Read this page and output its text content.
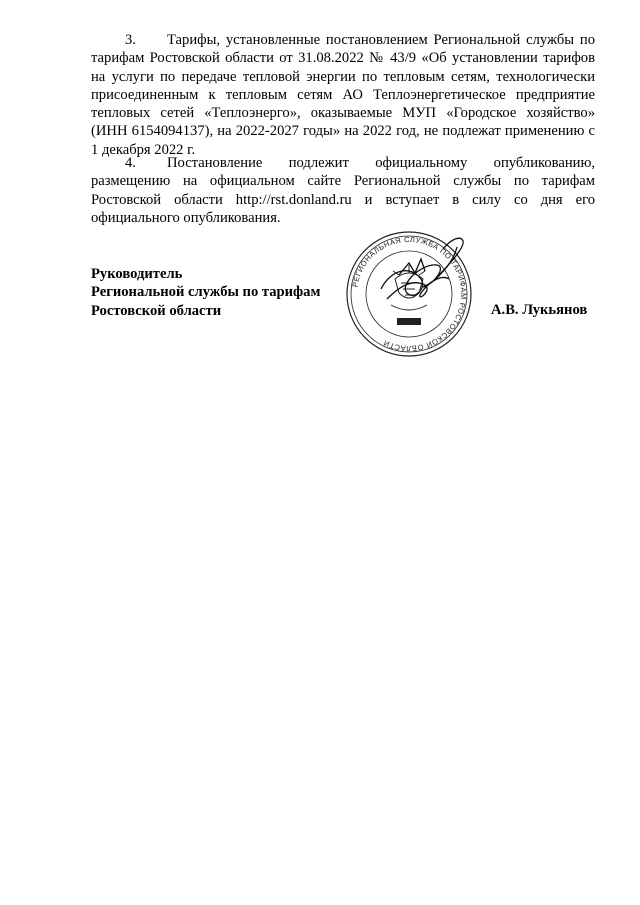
3. Тарифы, установленные постановлением Региональной службы по тарифам Ростовской области от 31.08.2022 № 43/9 «Об установлении тарифов на услуги по передаче тепловой энергии по тепловым сетям, технологически присоединенным к тепловым сетям АО Теплоэнергетическое предприятие тепловых сетей «Теплоэнерго», оказываемые МУП «Городское хозяйство» (ИНН 6154094137), на 2022-2027 годы» на 2022 год, не подлежат применению с 1 декабря 2022 г.

4. Постановление подлежит официальному опубликованию, размещению на официальном сайте Региональной службы по тарифам Ростовской области http://rst.donland.ru и вступает в силу со дня его официального опубликования.

Руководитель
Региональной службы по тарифам
Ростовской области
РЕГИОНАЛЬНАЯ СЛУЖБА ПО ТАРИФАМ РОСТОВСКОЙ ОБЛАСТИ
А.В. Лукьянов
